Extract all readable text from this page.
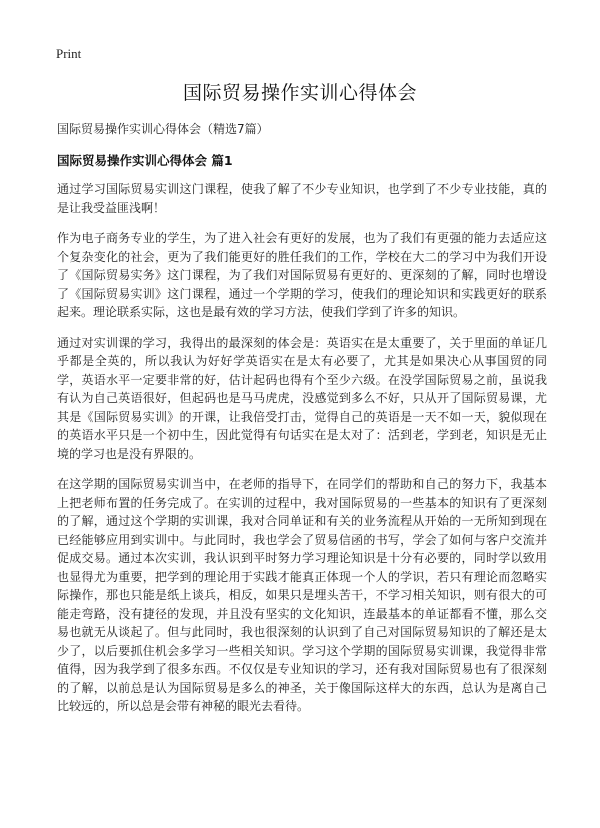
Print
国际贸易操作实训心得体会

国际贸易操作实训心得体会（精选7篇）

国际贸易操作实训心得体会 篇1

通过学习国际贸易实训这门课程，使我了解了不少专业知识，也学到了不少专业技能，真的是让我受益匪浅啊！

作为电子商务专业的学生，为了进入社会有更好的发展，也为了我们有更强的能力去适应这个复杂变化的社会，更为了我们能更好的胜任我们的工作，学校在大二的学习中为我们开设了《国际贸易实务》这门课程，为了我们对国际贸易有更好的、更深刻的了解，同时也增设了《国际贸易实训》这门课程，通过一个学期的学习，使我们的理论知识和实践更好的联系起来。理论联系实际，这也是最有效的学习方法，使我们学到了许多的知识。

通过对实训课的学习，我得出的最深刻的体会是：英语实在是太重要了，关于里面的单证几乎都是全英的，所以我认为好好学英语实在是太有必要了，尤其是如果决心从事国贸的同学，英语水平一定要非常的好，估计起码也得有个至少六级。在没学国际贸易之前，虽说我有认为自己英语很好，但起码也是马马虎虎，没感觉到多么不好，只从开了国际贸易课，尤其是《国际贸易实训》的开课，让我倍受打击，觉得自己的英语是一天不如一天，貌似现在的英语水平只是一个初中生，因此觉得有句话实在是太对了：活到老，学到老，知识是无止境的学习也是没有界限的。

在这学期的国际贸易实训当中，在老师的指导下，在同学们的帮助和自己的努力下，我基本上把老师布置的任务完成了。在实训的过程中，我对国际贸易的一些基本的知识有了更深刻的了解，通过这个学期的实训课，我对合同单证和有关的业务流程从开始的一无所知到现在已经能够应用到实训中。与此同时，我也学会了贸易信函的书写，学会了如何与客户交流并促成交易。通过本次实训，我认识到平时努力学习理论知识是十分有必要的，同时学以致用也显得尤为重要，把学到的理论用于实践才能真正体现一个人的学识，若只有理论而忽略实际操作，那也只能是纸上谈兵，相反，如果只是埋头苦干，不学习相关知识，则有很大的可能走弯路，没有捷径的发现，并且没有坚实的文化知识，连最基本的单证都看不懂，那么交易也就无从谈起了。但与此同时，我也很深刻的认识到了自己对国际贸易知识的了解还是太少了，以后要抓住机会多学习一些相关知识。学习这个学期的国际贸易实训课，我觉得非常值得，因为我学到了很多东西。不仅仅是专业知识的学习，还有我对国际贸易也有了很深刻的了解，以前总是认为国际贸易是多么的神圣，关于像国际这样大的东西，总认为是离自己比较远的，所以总是会带有神秘的眼光去看待。
